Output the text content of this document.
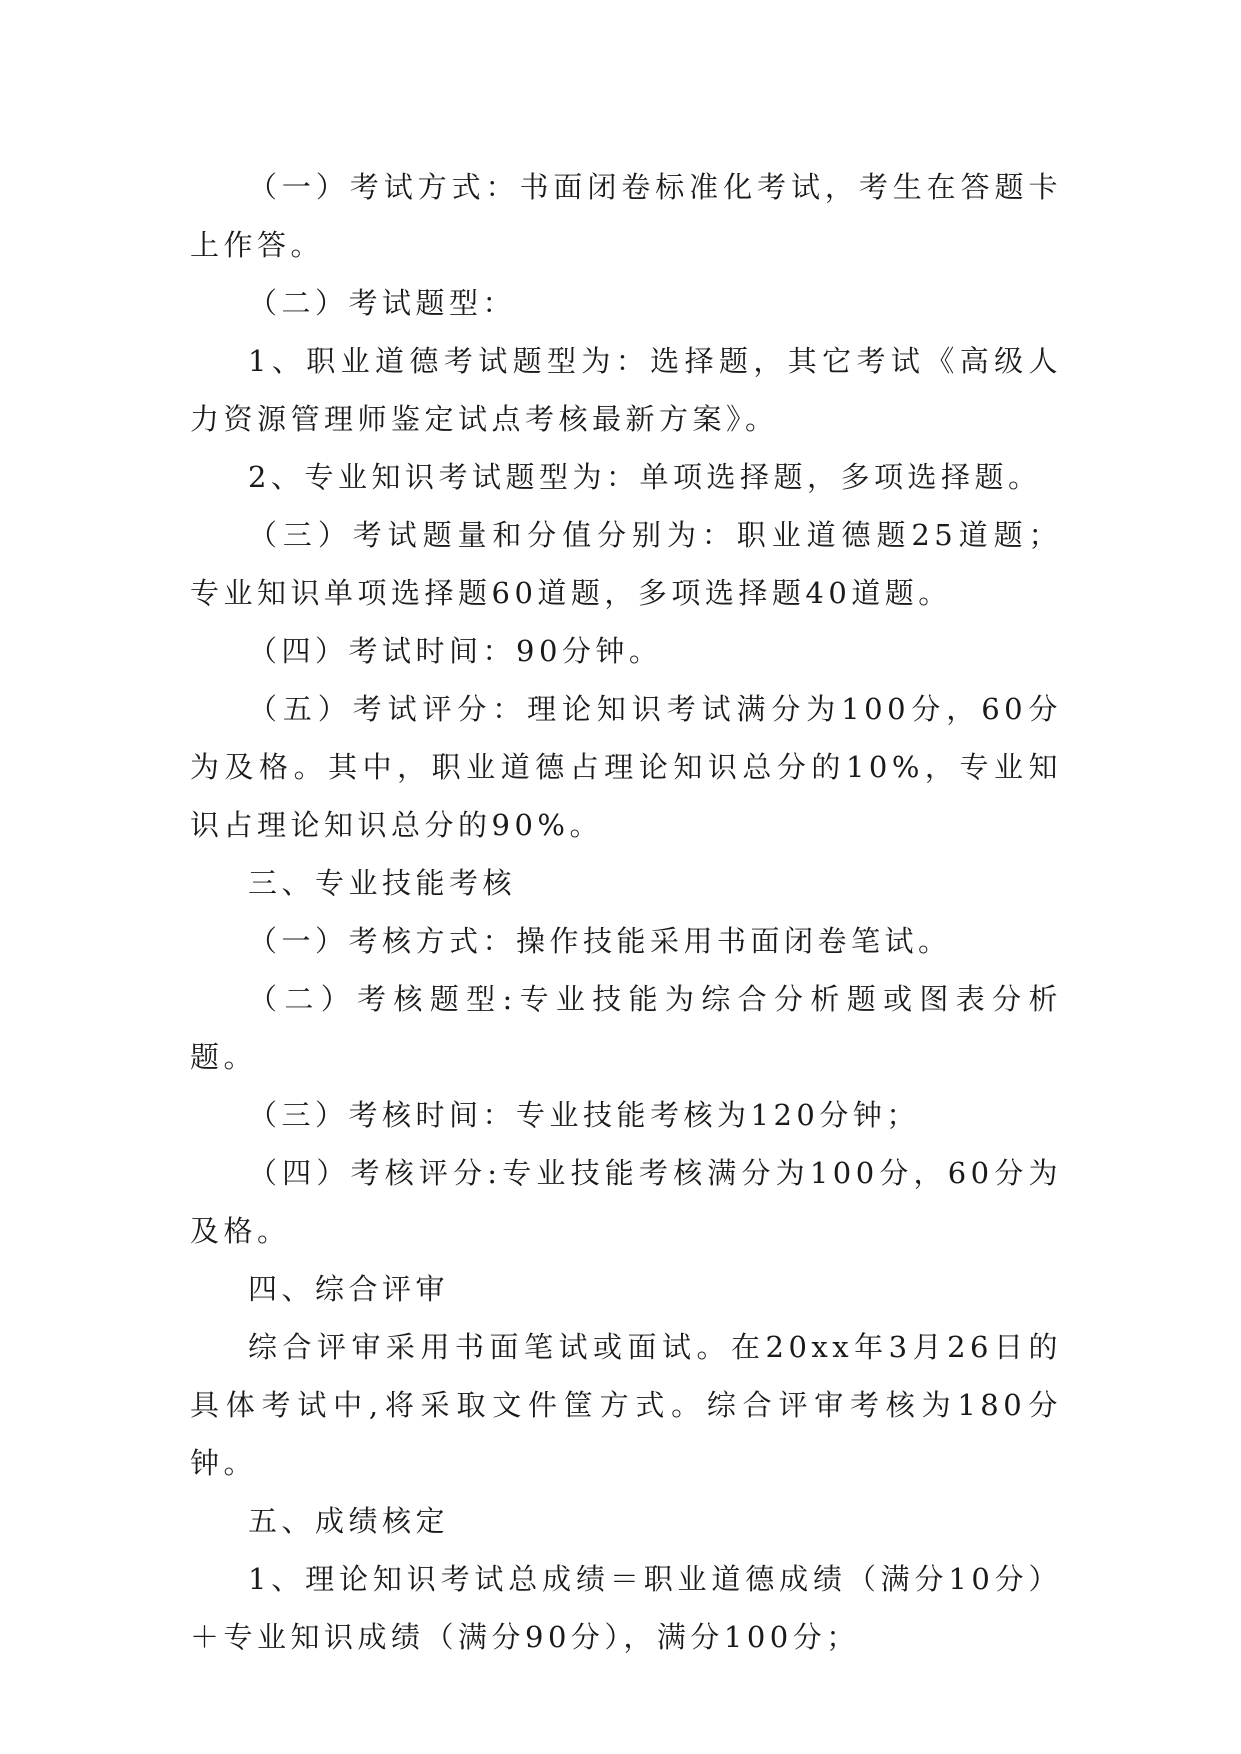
（一）考试方式：书面闭卷标准化考试，考生在答题卡上作答。

（二）考试题型：

1、职业道德考试题型为：选择题，其它考试《高级人力资源管理师鉴定试点考核最新方案》。

2、专业知识考试题型为：单项选择题，多项选择题。

（三）考试题量和分值分别为：职业道德题25道题；专业知识单项选择题60道题，多项选择题40道题。

（四）考试时间：90分钟。

（五）考试评分：理论知识考试满分为100分，60分为及格。其中，职业道德占理论知识总分的10%，专业知识占理论知识总分的90%。

三、专业技能考核

（一）考核方式：操作技能采用书面闭卷笔试。

（二）考核题型:专业技能为综合分析题或图表分析题。

（三）考核时间：专业技能考核为120分钟；

（四）考核评分:专业技能考核满分为100分，60分为及格。

四、综合评审

综合评审采用书面笔试或面试。在20xx年3月26日的具体考试中,将采取文件筐方式。综合评审考核为180分钟。

五、成绩核定

1、理论知识考试总成绩＝职业道德成绩（满分10分）＋专业知识成绩（满分90分），满分100分；
